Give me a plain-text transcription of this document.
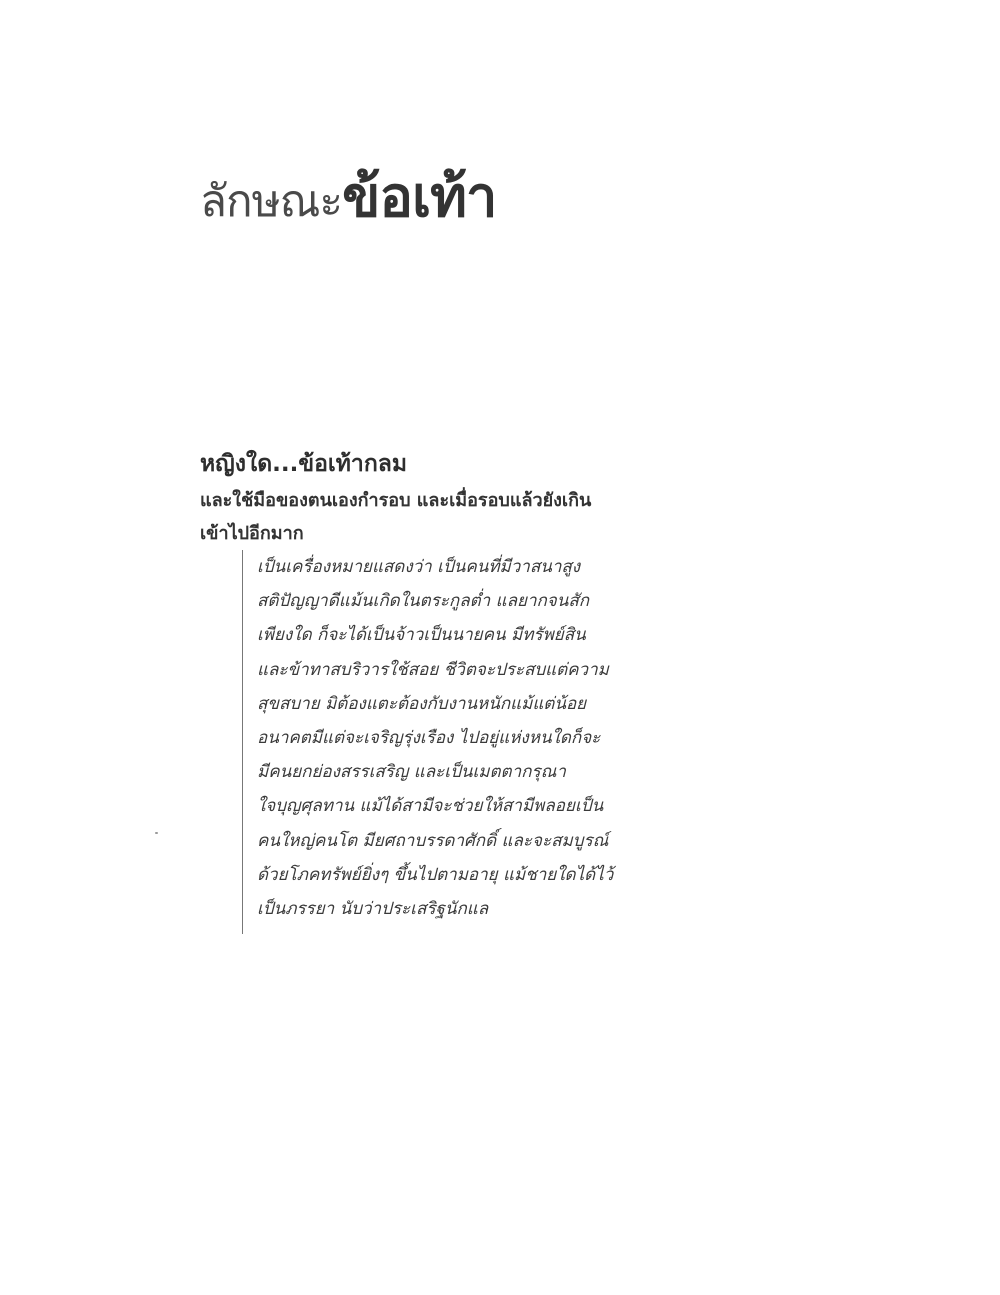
ลักษณะข้อเท้า
หญิงใด...ข้อเท้ากลม
และใช้มือของตนเองกำรอบ และเมื่อรอบแล้วยังเกิน
เข้าไปอีกมาก
เป็นเครื่องหมายแสดงว่า เป็นคนที่มีวาสนาสูง
สติปัญญาดีแม้นเกิดในตระกูลต่ำ แลยากจนสัก
เพียงใด ก็จะได้เป็นจ้าวเป็นนายคน มีทรัพย์สิน
และข้าทาสบริวารใช้สอย ชีวิตจะประสบแต่ความ
สุขสบาย มิต้องแตะต้องกับงานหนักแม้แต่น้อย
อนาคตมีแต่จะเจริญรุ่งเรือง ไปอยู่แห่งหนใดก็จะ
มีคนยกย่องสรรเสริญ และเป็นเมตตากรุณา
ใจบุญศุลทาน แม้ได้สามีจะช่วยให้สามีพลอยเป็น
คนใหญ่คนโต มียศถาบรรดาศักดิ์ และจะสมบูรณ์
ด้วยโภคทรัพย์ยิ่งๆ ขึ้นไปตามอายุ แม้ชายใดได้ไว้
เป็นภรรยา นับว่าประเสริฐนักแล
